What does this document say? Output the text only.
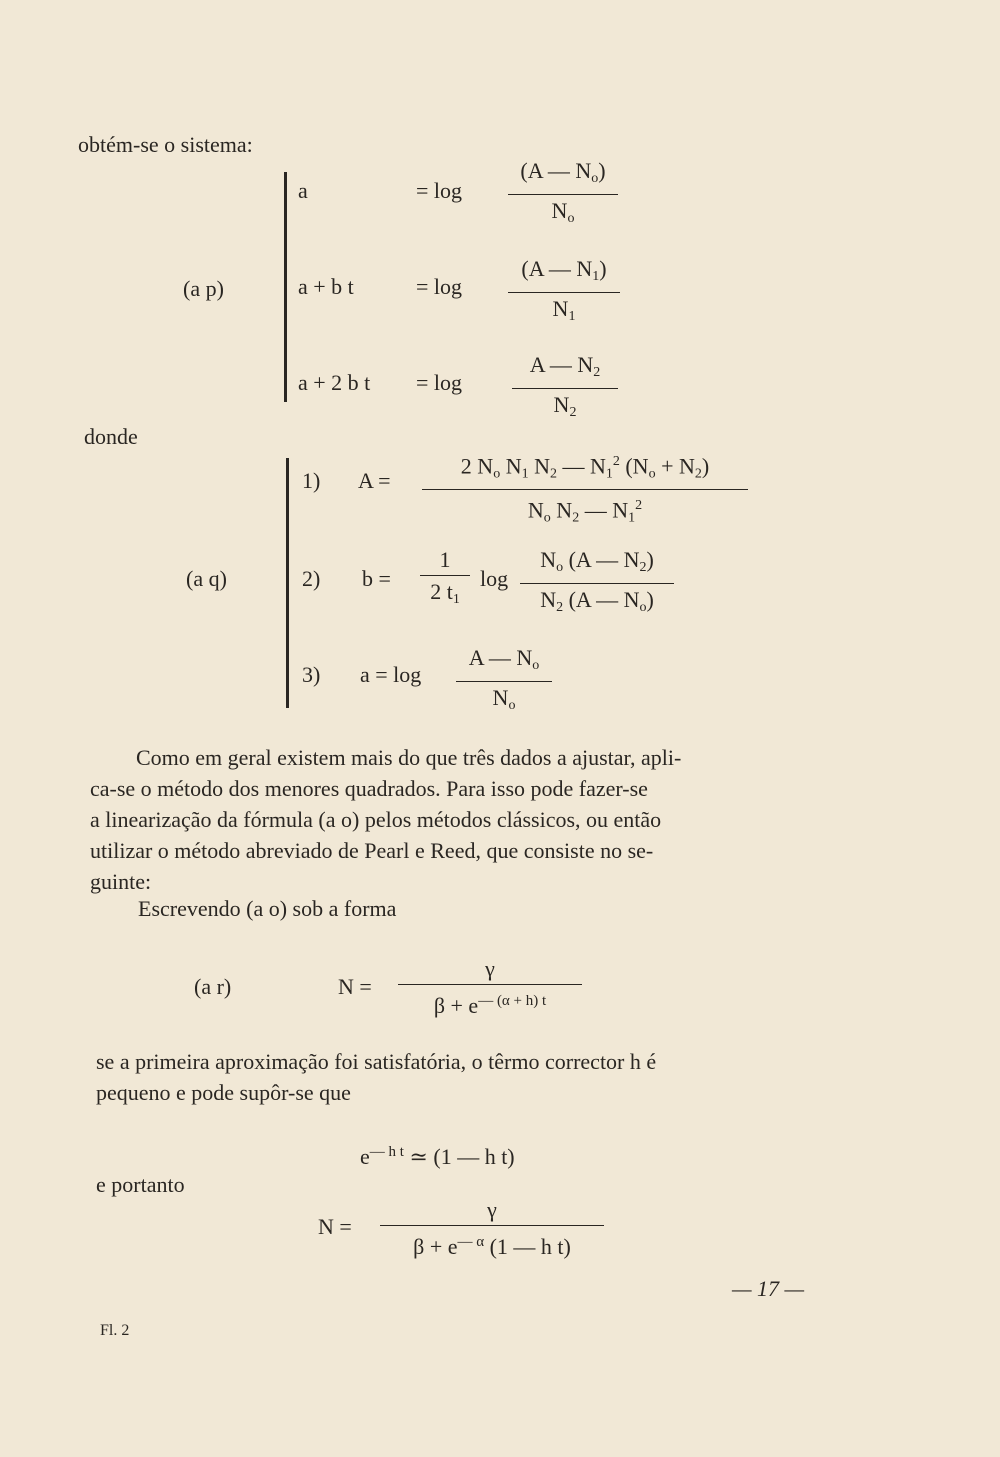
obtém-se o sistema:
(a p)
a	= log
(A — $N_o$)
$N_o$
a + b t	= log
(A — $N_1$)
$N_1$
a + 2 b t = log
A — $N_2$
$N_2$
donde
(a q)
1) A =
2 $N_o$ $N_1$ $N_2$ — $N_1^2$ $(N_o + N_2)$
$N_o$ $N_2$ — $N_1^2$
2) b =
1
2 $t_1$
log
$N_o$ (A — $N_2$)
$N_2$ (A — $N_o$)
3) a = log
A — $N_o$
$N_o$
Como em geral existem mais do que três dados a ajustar, apli-
ca-se o método dos menores quadrados. Para isso pode fazer-se
a linearização da fórmula (a o) pelos métodos clássicos, ou então
utilizar o método abreviado de Pearl e Reed, que consiste no se-
guinte:
Escrevendo (a o) sob a forma
(a r)	N =
γ
$\beta + e^{— (\alpha + h) t}$
se a primeira aproximação foi satisfatória, o têrmo corrector h é
pequeno e pode supôr-se que
$e^{— h t}$ ≃ (1 — h t)
e portanto
N =
γ
$\beta + e^{— \alpha}$ (1 — h t)
— 17 —
Fl. 2
